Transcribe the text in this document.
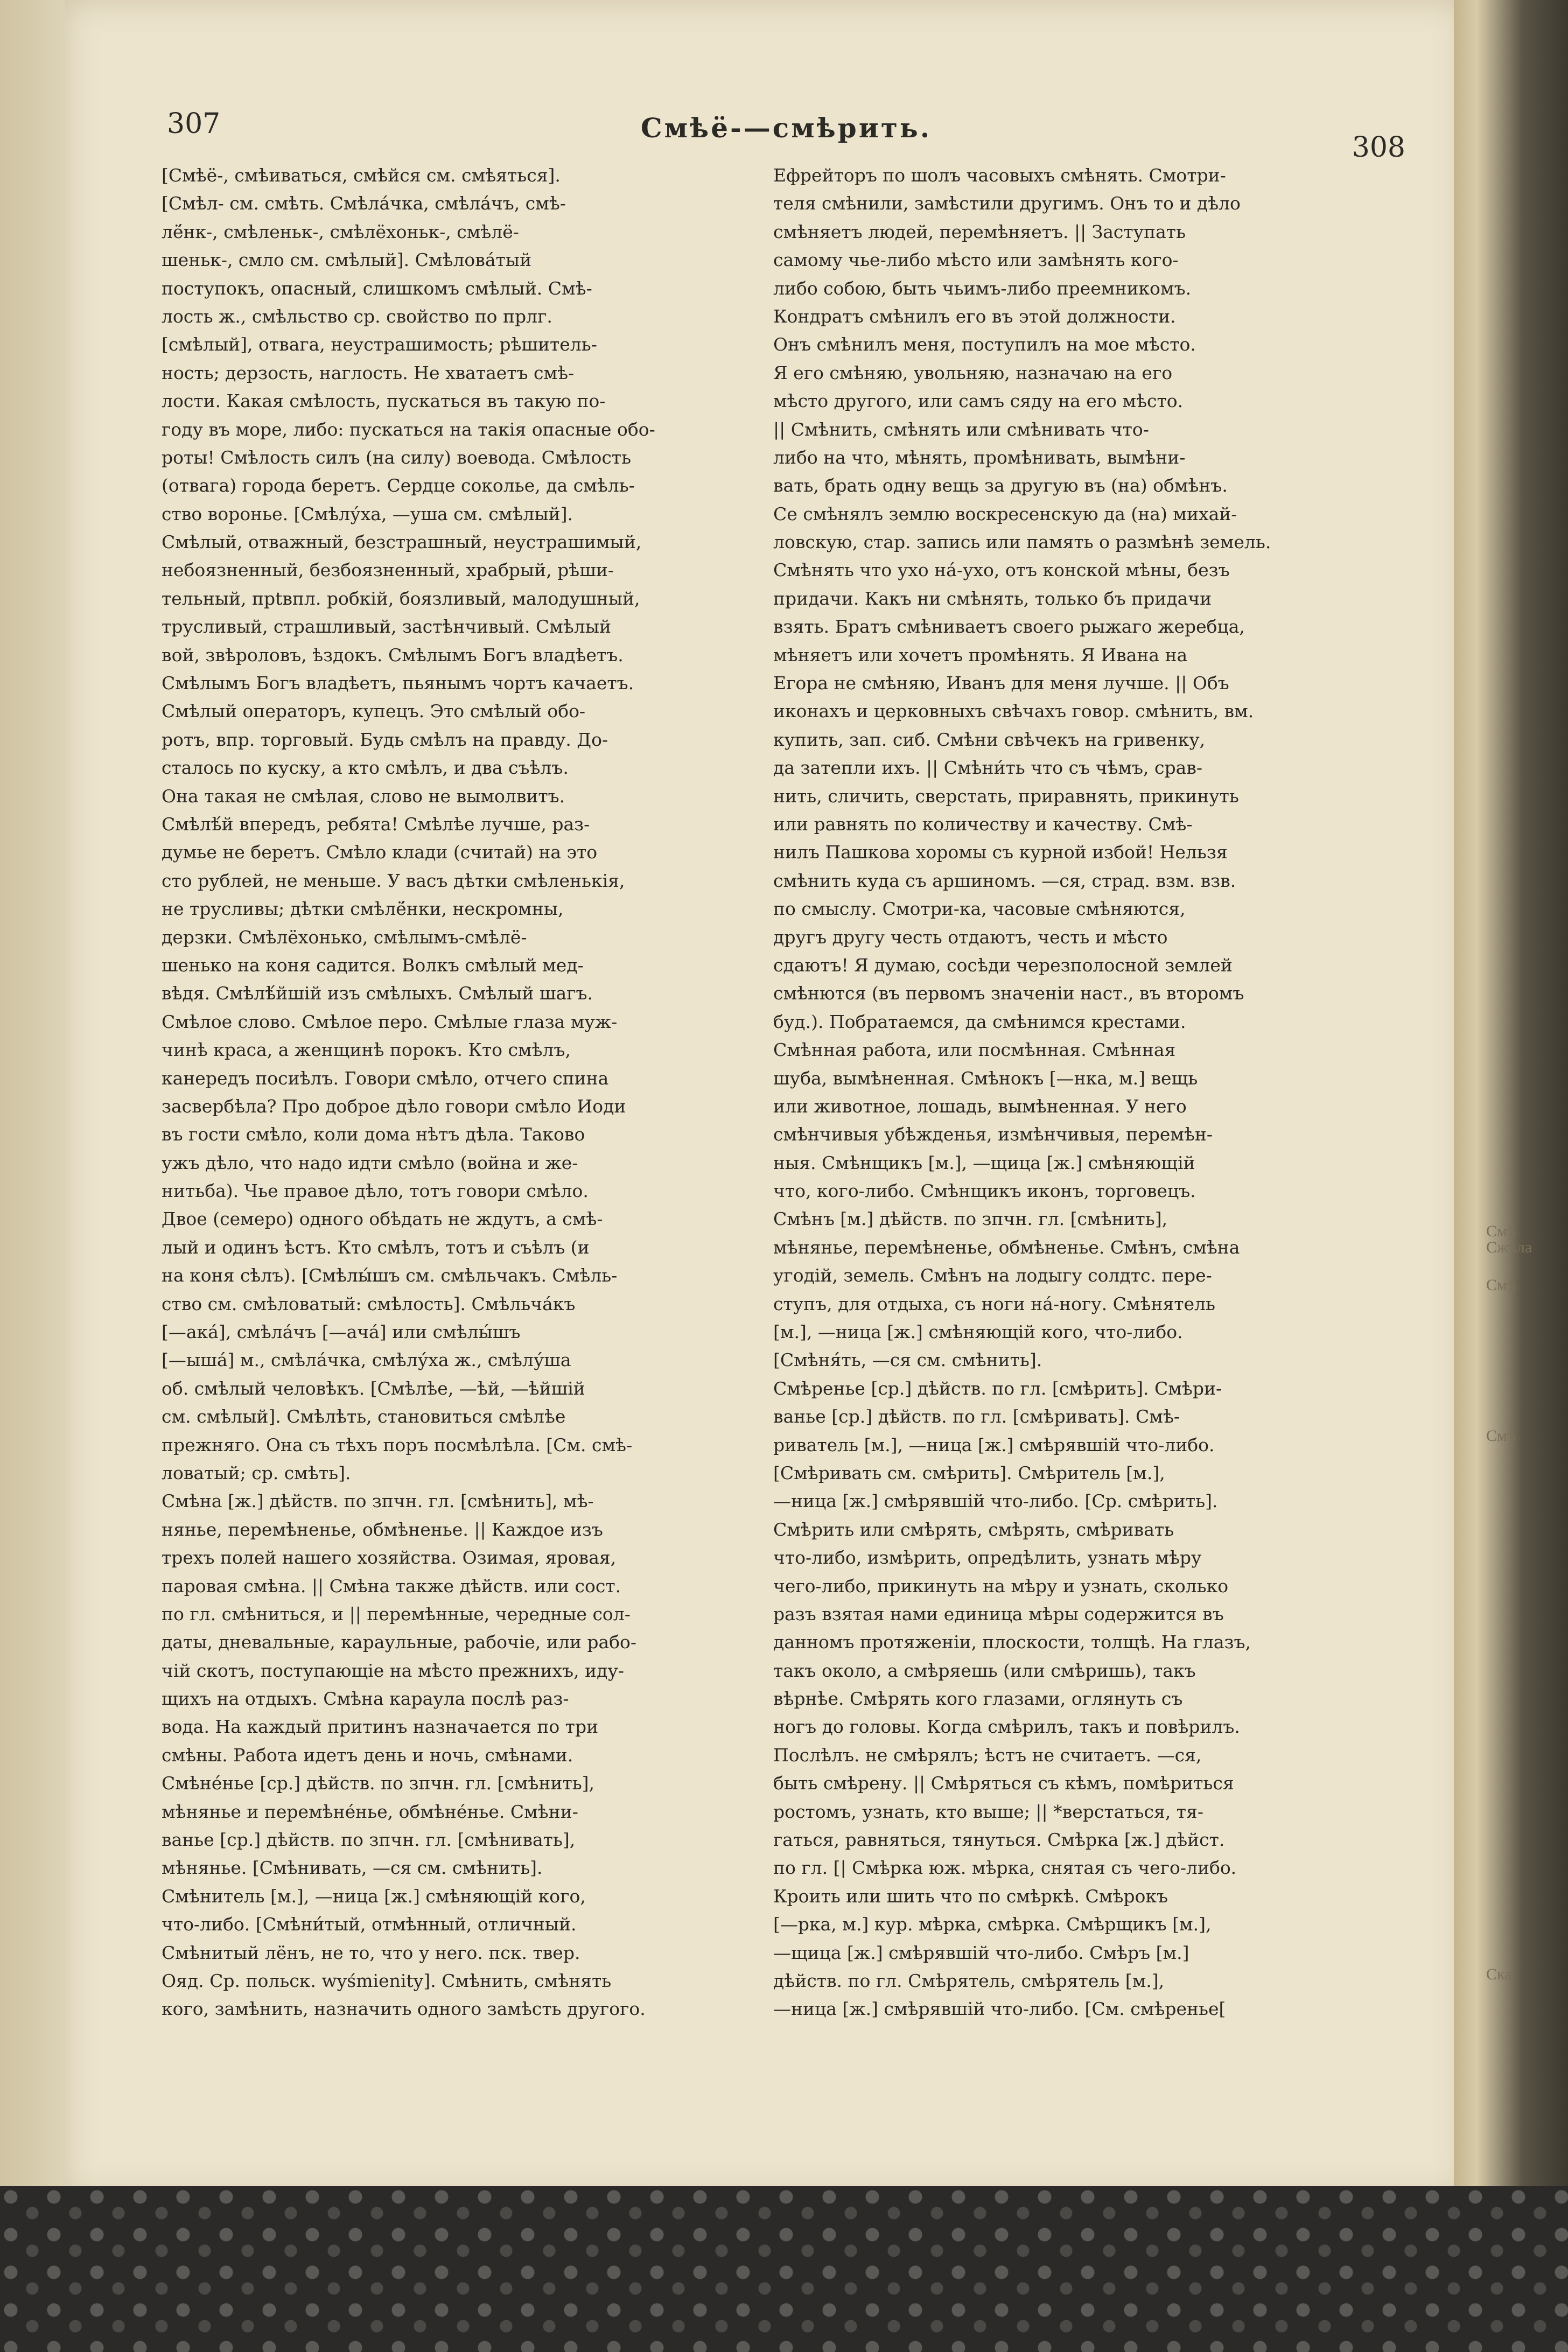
Смѣ
Сжѣла
Смѣ
Смѣ
Ска
307	Смѣё-—смѣрить.
308
[Смѣё-, смѣиваться, смѣйся см. смѣяться].
[Смѣл- см. смѣть. Смѣла́чка, смѣла́чъ, смѣ-
лё́нк-, смѣленьк-, смѣлёхоньк-, смѣлё-
шеньк-, смло см. смѣлый]. Смѣлова́тый
поступокъ, опасный, слишкомъ смѣлый. Смѣ-
лость ж., смѣльство ср. свойство по прлг.
[смѣлый], отвага, неустрашимость; рѣшитель-
ность; дерзость, наглость. Не хватаетъ смѣ-
лости. Какая смѣлость, пускаться въ такую по-
году въ море, либо: пускаться на такія опасные обо-
роты! Смѣлость силъ (на силу) воевода. Смѣлость
(отвага) города беретъ. Сердце соколье, да смѣль-
ство воронье. [Смѣлу́ха, —уша см. смѣлый].
Смѣлый, отважный, безстрашный, неустрашимый,
небоязненный, безбоязненный, храбрый, рѣши-
тельный, прtвпл. робкій, боязливый, малодушный,
трусливый, страшливый, застѣнчивый. Смѣлый
вой, звѣроловъ, ѣздокъ. Смѣлымъ Богъ владѣетъ.
Смѣлымъ Богъ владѣетъ, пьянымъ чортъ качаетъ.
Смѣлый операторъ, купецъ. Это смѣлый обо-
ротъ, впр. торговый. Будь смѣлъ на правду. До-
сталось по куску, а кто смѣлъ, и два съѣлъ.
Она такая не смѣлая, слово не вымолвитъ.
Смѣлѣ́й впередъ, ребята! Смѣлѣе лучше, раз-
думье не беретъ. Смѣло клади (считай) на это
сто рублей, не меньше. У васъ дѣтки смѣленькія,
не трусливы; дѣтки смѣлё́нки, нескромны,
дерзки. Смѣлёхонько, смѣлымъ-смѣлё-
шенько на коня садится. Волкъ смѣлый мед-
вѣдя. Смѣлѣ́йшій изъ смѣлыхъ. Смѣлый шагъ.
Смѣлое слово. Смѣлое перо. Смѣлые глаза муж-
чинѣ краса, а женщинѣ порокъ. Кто смѣлъ,
канередъ посиѣлъ. Говори смѣло, отчего спина
засвербѣла? Про доброе дѣло говори смѣло Иоди
въ гости смѣло, коли дома нѣтъ дѣла. Таково
ужъ дѣло, что надо идти смѣло (война и же-
нитьба). Чье правое дѣло, тотъ говори смѣло.
Двое (семеро) одного обѣдать не ждутъ, а смѣ-
лый и одинъ ѣстъ. Кто смѣлъ, тотъ и съѣлъ (и
на коня сѣлъ). [Смѣлы́шъ см. смѣльчакъ. Смѣль-
ство см. смѣловатый: смѣлость]. Смѣльча́къ
[—ака́], смѣла́чъ [—ача́] или смѣлы́шъ
[—ыша́] м., смѣла́чка, смѣлу́ха ж., смѣлу́ша
об. смѣлый человѣкъ. [Смѣлѣе, —ѣй, —ѣйшій
см. смѣлый]. Смѣлѣть, становиться смѣлѣе
прежняго. Она съ тѣхъ поръ посмѣлѣла. [См. смѣ-
ловатый; ср. смѣть].
Смѣна [ж.] дѣйств. по зпчн. гл. [смѣнить], мѣ-
нянье, перемѣненье, обмѣненье. || Каждое изъ
трехъ полей нашего хозяйства. Озимая, яровая,
паровая смѣна. || Смѣна также дѣйств. или сост.
по гл. смѣниться, и || перемѣнные, чередные сол-
даты, дневальные, караульные, рабочіе, или рабо-
чій скотъ, поступающіе на мѣсто прежнихъ, иду-
щихъ на отдыхъ. Смѣна караула послѣ раз-
вода. На каждый притинъ назначается по три
смѣны. Работа идетъ день и ночь, смѣнами.
Смѣне́нье [ср.] дѣйств. по зпчн. гл. [смѣнить],
мѣнянье и перемѣне́нье, обмѣне́нье. Смѣни-
ванье [ср.] дѣйств. по зпчн. гл. [смѣнивать],
мѣнянье. [Смѣнивать, —ся см. смѣнить].
Смѣнитель [м.], —ница [ж.] смѣняющій кого,
что-либо. [Смѣни́тый, отмѣнный, отличный.
Смѣнитый лёнъ, не то, что у него. пск. твер.
Ояд. Ср. польск. wyśmienity]. Смѣнить, смѣнять
кого, замѣнить, назначить одного замѣсть другого.
Ефрейторъ по шолъ часовыхъ смѣнять. Смотри-
теля смѣнили, замѣстили другимъ. Онъ то и дѣло
смѣняетъ людей, перемѣняетъ. || Заступать
самому чье-либо мѣсто или замѣнять кого-
либо собою, быть чьимъ-либо преемникомъ.
Кондратъ смѣнилъ его въ этой должности.
Онъ смѣнилъ меня, поступилъ на мое мѣсто.
Я его смѣняю, увольняю, назначаю на его
мѣсто другого, или самъ сяду на его мѣсто.
|| Смѣнить, смѣнять или смѣнивать что-
либо на что, мѣнять, промѣнивать, вымѣни-
вать, брать одну вещь за другую въ (на) обмѣнъ.
Се смѣнялъ землю воскресенскую да (на) михай-
ловскую, стар. запись или память о размѣнѣ земель.
Смѣнять что ухо на́-ухо, отъ конской мѣны, безъ
придачи. Какъ ни смѣнять, только бъ придачи
взять. Братъ смѣниваетъ своего рыжаго жеребца,
мѣняетъ или хочетъ промѣнять. Я Ивана на
Егора не смѣняю, Иванъ для меня лучше. || Объ
иконахъ и церковныхъ свѣчахъ говор. смѣнить, вм.
купить, зап. сиб. Смѣни свѣчекъ на гривенку,
да затепли ихъ. || Смѣни́ть что съ чѣмъ, срав-
нить, сличить, сверстать, приравнять, прикинуть
или равнять по количеству и качеству. Смѣ-
нилъ Пашкова хоромы съ курной избой! Нельзя
смѣнить куда съ аршиномъ. —ся, страд. взм. взв.
по смыслу. Смотри-ка, часовые смѣняются,
другъ другу честь отдаютъ, честь и мѣсто
сдаютъ! Я думаю, сосѣди черезполосной землей
смѣнются (въ первомъ значеніи наст., въ второмъ
буд.). Побратаемся, да смѣнимся крестами.
Смѣнная работа, или посмѣнная. Смѣнная
шуба, вымѣненная. Смѣнокъ [—нка, м.] вещь
или животное, лошадь, вымѣненная. У него
смѣнчивыя убѣжденья, измѣнчивыя, перемѣн-
ныя. Смѣнщикъ [м.], —щица [ж.] смѣняющій
что, кого-либо. Смѣнщикъ иконъ, торговецъ.
Смѣнъ [м.] дѣйств. по зпчн. гл. [смѣнить],
мѣнянье, перемѣненье, обмѣненье. Смѣнъ, смѣна
угодій, земель. Смѣнъ на лодыгу солдтс. пере-
ступъ, для отдыха, съ ноги на́-ногу. Смѣнятель
[м.], —ница [ж.] смѣняющій кого, что-либо.
[Смѣня́ть, —ся см. смѣнить].
Смѣренье [ср.] дѣйств. по гл. [смѣрить]. Смѣри-
ванье [ср.] дѣйств. по гл. [смѣривать]. Смѣ-
риватель [м.], —ница [ж.] смѣрявшій что-либо.
[Смѣривать см. смѣрить]. Смѣритель [м.],
—ница [ж.] смѣрявшій что-либо. [Ср. смѣрить].
Смѣрить или смѣрять, смѣрять, смѣривать
что-либо, измѣрить, опредѣлить, узнать мѣру
чего-либо, прикинуть на мѣру и узнать, сколько
разъ взятая нами единица мѣры содержится въ
данномъ протяженіи, плоскости, толщѣ. На глазъ,
такъ около, а смѣряешь (или смѣришь), такъ
вѣрнѣе. Смѣрять кого глазами, оглянуть съ
ногъ до головы. Когда смѣрилъ, такъ и повѣрилъ.
Послѣлъ. не смѣрялъ; ѣстъ не считаетъ. —ся,
быть смѣрену. || Смѣряться съ кѣмъ, помѣриться
ростомъ, узнать, кто выше; || *верстаться, тя-
гаться, равняться, тянуться. Смѣрка [ж.] дѣйст.
по гл. [| Смѣрка юж. мѣрка, снятая съ чего-либо.
Кроить или шить что по смѣркѣ. Смѣрокъ
[—рка, м.] кур. мѣрка, смѣрка. Смѣрщикъ [м.],
—щица [ж.] смѣрявшій что-либо. Смѣръ [м.]
дѣйств. по гл. Смѣрятель, смѣрятель [м.],
—ница [ж.] смѣрявшій что-либо. [См. смѣренье[
